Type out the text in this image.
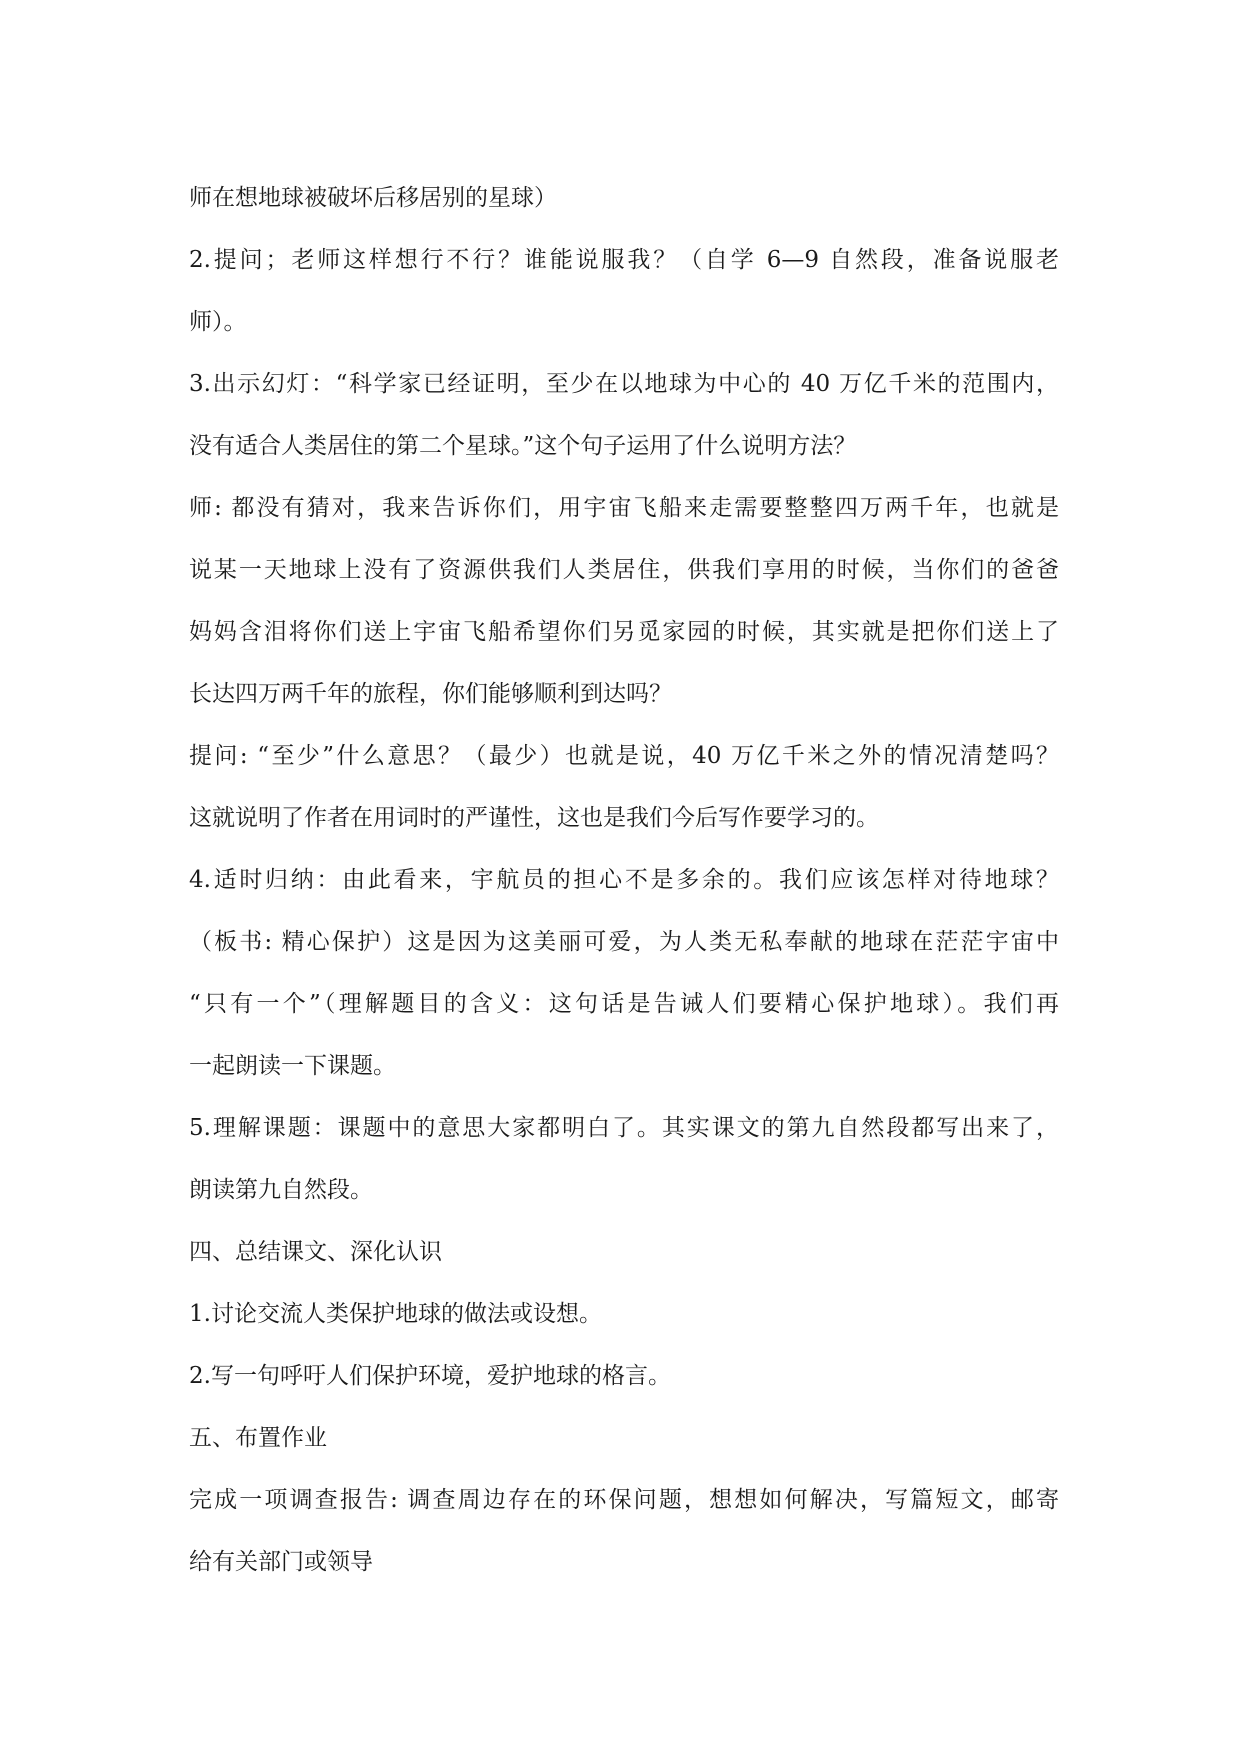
师在想地球被破坏后移居别的星球）
2.提问；老师这样想行不行？谁能说服我？（自学 6—9 自然段，准备说服老
师）。
3.出示幻灯：“科学家已经证明，至少在以地球为中心的 40 万亿千米的范围内，
没有适合人类居住的第二个星球。”这个句子运用了什么说明方法？
师: 都没有猜对，我来告诉你们，用宇宙飞船来走需要整整四万两千年，也就是
说某一天地球上没有了资源供我们人类居住，供我们享用的时候，当你们的爸爸
妈妈含泪将你们送上宇宙飞船希望你们另觅家园的时候，其实就是把你们送上了
长达四万两千年的旅程，你们能够顺利到达吗？
提问: “至少”什么意思？（最少）也就是说，40 万亿千米之外的情况清楚吗？
这就说明了作者在用词时的严谨性，这也是我们今后写作要学习的。
4.适时归纳：由此看来，宇航员的担心不是多余的。我们应该怎样对待地球？
（板书: 精心保护）这是因为这美丽可爱，为人类无私奉献的地球在茫茫宇宙中
“只有一个”（理解题目的含义：这句话是告诫人们要精心保护地球）。我们再
一起朗读一下课题。
5.理解课题：课题中的意思大家都明白了。其实课文的第九自然段都写出来了，
朗读第九自然段。
四、总结课文、深化认识
1.讨论交流人类保护地球的做法或设想。
2.写一句呼吁人们保护环境，爱护地球的格言。
五、布置作业
完成一项调查报告: 调查周边存在的环保问题，想想如何解决，写篇短文，邮寄
给有关部门或领导
